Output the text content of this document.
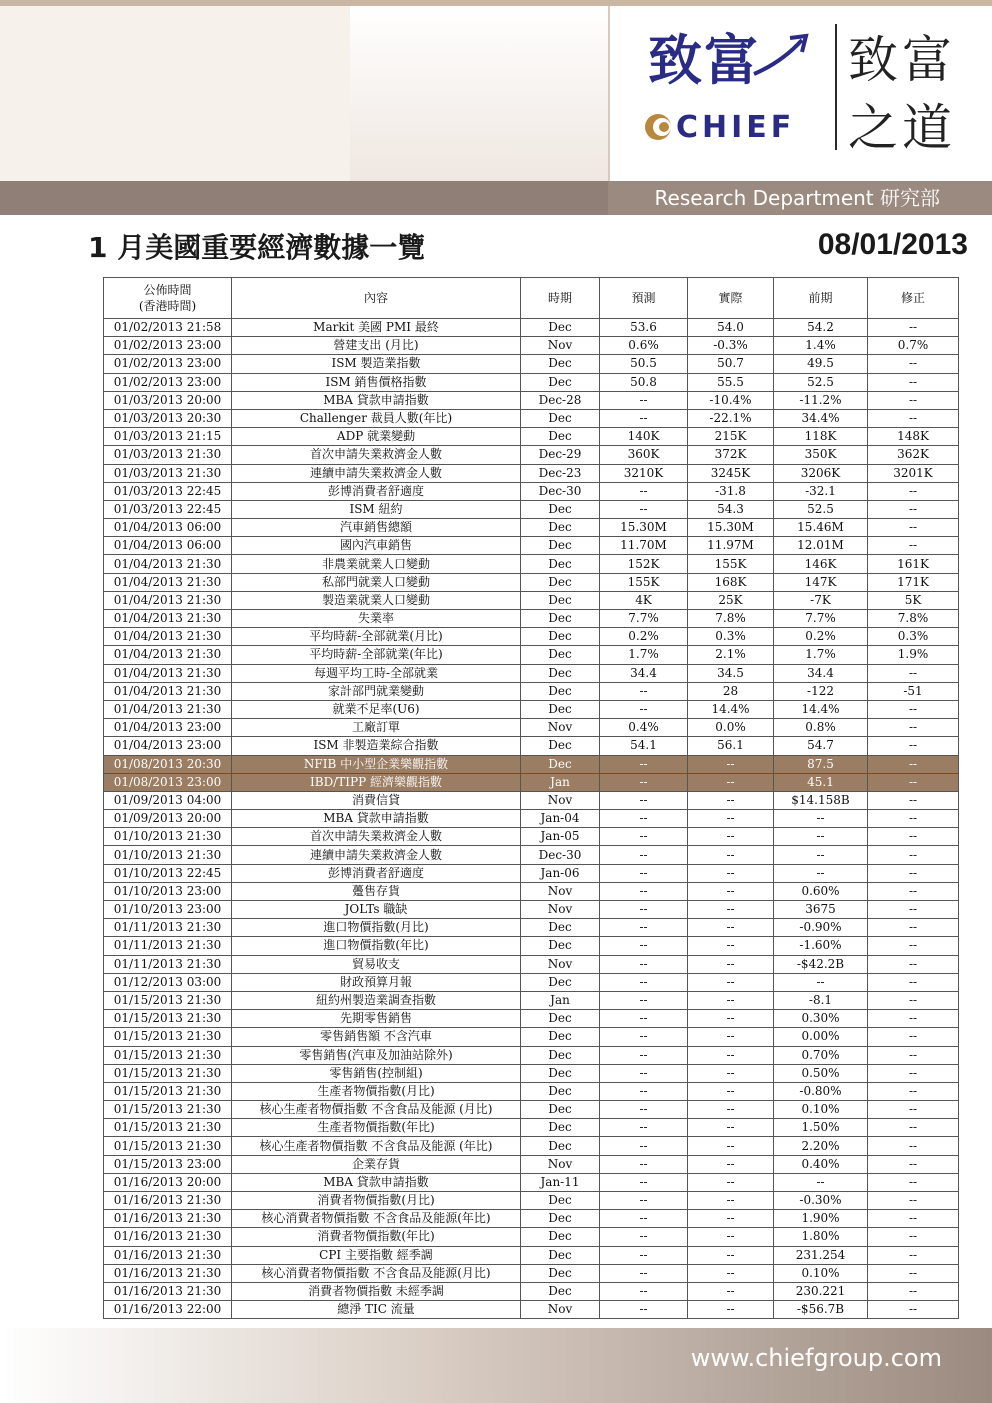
致富
CHIEF
致富
之道
Research Department 研究部
1 月美國重要經濟數據一覽	08/01/2013
公佈時間
(香港時間)	內容	時期	預測	實際	前期	修正
01/02/2013 21:58	Markit 美國 PMI 最終	Dec	53.6	54.0	54.2	--
01/02/2013 23:00	營建支出 (月比)	Nov	0.6%	-0.3%	1.4%	0.7%
01/02/2013 23:00	ISM 製造業指數	Dec	50.5	50.7	49.5	--
01/02/2013 23:00	ISM 銷售價格指數	Dec	50.8	55.5	52.5	--
01/03/2013 20:00	MBA 貸款申請指數	Dec-28	--	-10.4%	-11.2%	--
01/03/2013 20:30	Challenger 裁員人數(年比)	Dec	--	-22.1%	34.4%	--
01/03/2013 21:15	ADP 就業變動	Dec	140K	215K	118K	148K
01/03/2013 21:30	首次申請失業救濟金人數	Dec-29	360K	372K	350K	362K
01/03/2013 21:30	連續申請失業救濟金人數	Dec-23	3210K	3245K	3206K	3201K
01/03/2013 22:45	彭博消費者舒適度	Dec-30	--	-31.8	-32.1	--
01/03/2013 22:45	ISM 紐約	Dec	--	54.3	52.5	--
01/04/2013 06:00	汽車銷售總額	Dec	15.30M	15.30M	15.46M	--
01/04/2013 06:00	國內汽車銷售	Dec	11.70M	11.97M	12.01M	--
01/04/2013 21:30	非農業就業人口變動	Dec	152K	155K	146K	161K
01/04/2013 21:30	私部門就業人口變動	Dec	155K	168K	147K	171K
01/04/2013 21:30	製造業就業人口變動	Dec	4K	25K	-7K	5K
01/04/2013 21:30	失業率	Dec	7.7%	7.8%	7.7%	7.8%
01/04/2013 21:30	平均時薪-全部就業(月比)	Dec	0.2%	0.3%	0.2%	0.3%
01/04/2013 21:30	平均時薪-全部就業(年比)	Dec	1.7%	2.1%	1.7%	1.9%
01/04/2013 21:30	每週平均工時-全部就業	Dec	34.4	34.5	34.4	--
01/04/2013 21:30	家計部門就業變動	Dec	--	28	-122	-51
01/04/2013 21:30	就業不足率(U6)	Dec	--	14.4%	14.4%	--
01/04/2013 23:00	工廠訂單	Nov	0.4%	0.0%	0.8%	--
01/04/2013 23:00	ISM 非製造業綜合指數	Dec	54.1	56.1	54.7	--
01/08/2013 20:30	NFIB 中小型企業樂觀指數	Dec	--	--	87.5	--
01/08/2013 23:00	IBD/TIPP 經濟樂觀指數	Jan	--	--	45.1	--
01/09/2013 04:00	消費信貸	Nov	--	--	$14.158B	--
01/09/2013 20:00	MBA 貸款申請指數	Jan-04	--	--	--	--
01/10/2013 21:30	首次申請失業救濟金人數	Jan-05	--	--	--	--
01/10/2013 21:30	連續申請失業救濟金人數	Dec-30	--	--	--	--
01/10/2013 22:45	彭博消費者舒適度	Jan-06	--	--	--	--
01/10/2013 23:00	躉售存貨	Nov	--	--	0.60%	--
01/10/2013 23:00	JOLTs 職缺	Nov	--	--	3675	--
01/11/2013 21:30	進口物價指數(月比)	Dec	--	--	-0.90%	--
01/11/2013 21:30	進口物價指數(年比)	Dec	--	--	-1.60%	--
01/11/2013 21:30	貿易收支	Nov	--	--	-$42.2B	--
01/12/2013 03:00	財政預算月報	Dec	--	--	--	--
01/15/2013 21:30	紐約州製造業調查指數	Jan	--	--	-8.1	--
01/15/2013 21:30	先期零售銷售	Dec	--	--	0.30%	--
01/15/2013 21:30	零售銷售額 不含汽車	Dec	--	--	0.00%	--
01/15/2013 21:30	零售銷售(汽車及加油站除外)	Dec	--	--	0.70%	--
01/15/2013 21:30	零售銷售(控制組)	Dec	--	--	0.50%	--
01/15/2013 21:30	生產者物價指數(月比)	Dec	--	--	-0.80%	--
01/15/2013 21:30	核心生產者物價指數 不含食品及能源 (月比)	Dec	--	--	0.10%	--
01/15/2013 21:30	生產者物價指數(年比)	Dec	--	--	1.50%	--
01/15/2013 21:30	核心生產者物價指數 不含食品及能源 (年比)	Dec	--	--	2.20%	--
01/15/2013 23:00	企業存貨	Nov	--	--	0.40%	--
01/16/2013 20:00	MBA 貸款申請指數	Jan-11	--	--	--	--
01/16/2013 21:30	消費者物價指數(月比)	Dec	--	--	-0.30%	--
01/16/2013 21:30	核心消費者物價指數 不含食品及能源(年比)	Dec	--	--	1.90%	--
01/16/2013 21:30	消費者物價指數(年比)	Dec	--	--	1.80%	--
01/16/2013 21:30	CPI 主要指數 經季調	Dec	--	--	231.254	--
01/16/2013 21:30	核心消費者物價指數 不含食品及能源(月比)	Dec	--	--	0.10%	--
01/16/2013 21:30	消費者物價指數 未經季調	Dec	--	--	230.221	--
01/16/2013 22:00	總淨 TIC 流量	Nov	--	--	-$56.7B	--
www.chiefgroup.com
